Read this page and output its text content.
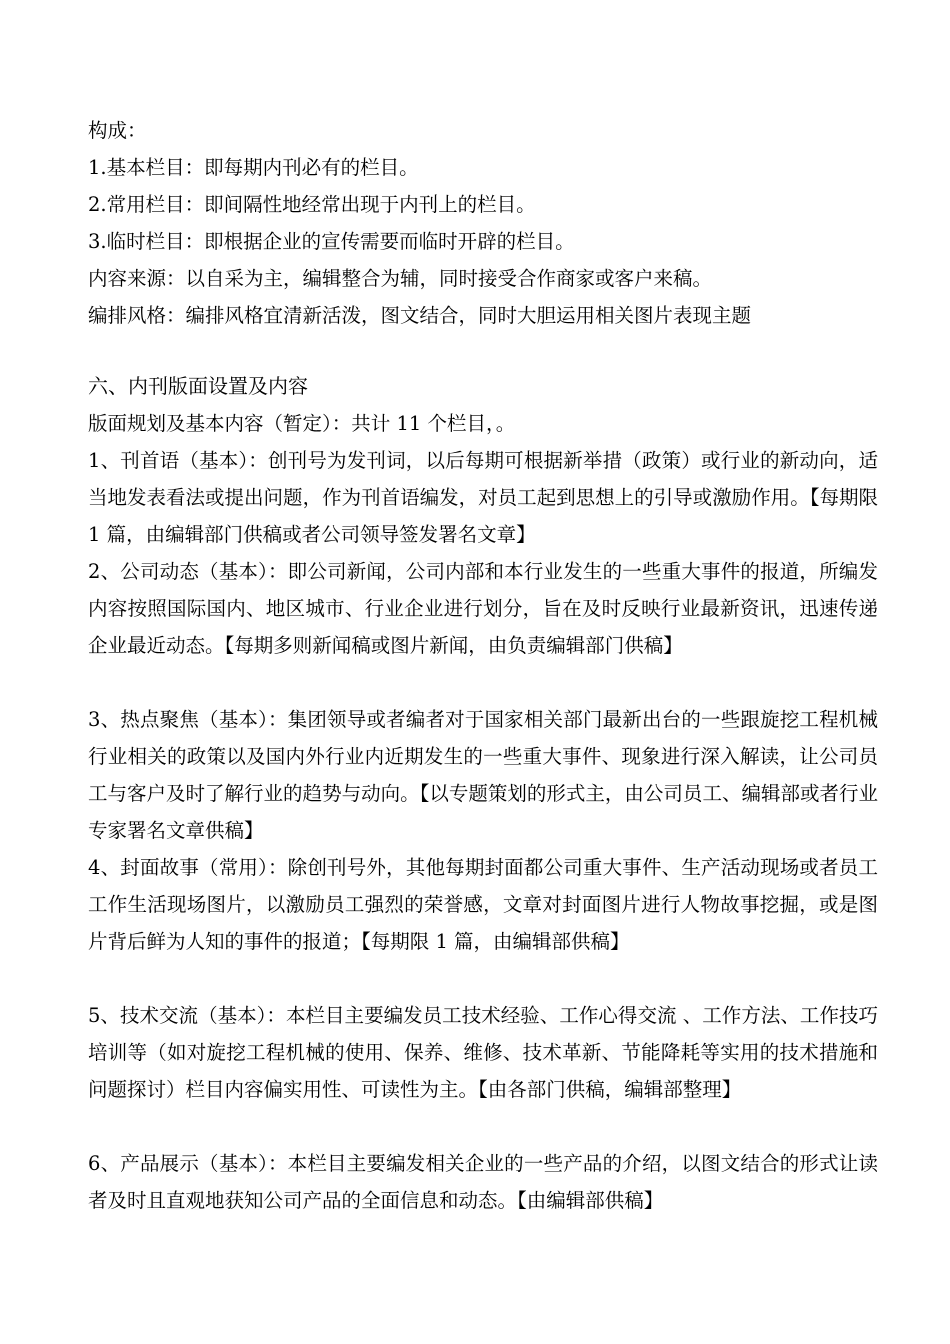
构成：
1.基本栏目：即每期内刊必有的栏目。
2.常用栏目：即间隔性地经常出现于内刊上的栏目。
3.临时栏目：即根据企业的宣传需要而临时开辟的栏目。
内容来源：以自采为主，编辑整合为辅，同时接受合作商家或客户来稿。
编排风格：编排风格宜清新活泼，图文结合，同时大胆运用相关图片表现主题
六、内刊版面设置及内容
版面规划及基本内容（暂定）：共计 11 个栏目，。
1、刊首语（基本）：创刊号为发刊词，以后每期可根据新举措（政策）或行业的新动向，适当地发表看法或提出问题，作为刊首语编发，对员工起到思想上的引导或激励作用。【每期限 1 篇，由编辑部门供稿或者公司领导签发署名文章】
2、公司动态（基本）：即公司新闻，公司内部和本行业发生的一些重大事件的报道，所编发内容按照国际国内、地区城市、行业企业进行划分，旨在及时反映行业最新资讯，迅速传递企业最近动态。【每期多则新闻稿或图片新闻，由负责编辑部门供稿】
3、热点聚焦（基本）：集团领导或者编者对于国家相关部门最新出台的一些跟旋挖工程机械行业相关的政策以及国内外行业内近期发生的一些重大事件、现象进行深入解读，让公司员工与客户及时了解行业的趋势与动向。【以专题策划的形式主，由公司员工、编辑部或者行业专家署名文章供稿】
4、封面故事（常用）：除创刊号外，其他每期封面都公司重大事件、生产活动现场或者员工工作生活现场图片，以激励员工强烈的荣誉感，文章对封面图片进行人物故事挖掘，或是图片背后鲜为人知的事件的报道；【每期限 1 篇，由编辑部供稿】
5、技术交流（基本）：本栏目主要编发员工技术经验、工作心得交流 、工作方法、工作技巧培训等（如对旋挖工程机械的使用、保养、维修、技术革新、节能降耗等实用的技术措施和问题探讨）栏目内容偏实用性、可读性为主。【由各部门供稿，编辑部整理】
6、产品展示（基本）：本栏目主要编发相关企业的一些产品的介绍，以图文结合的形式让读者及时且直观地获知公司产品的全面信息和动态。【由编辑部供稿】
